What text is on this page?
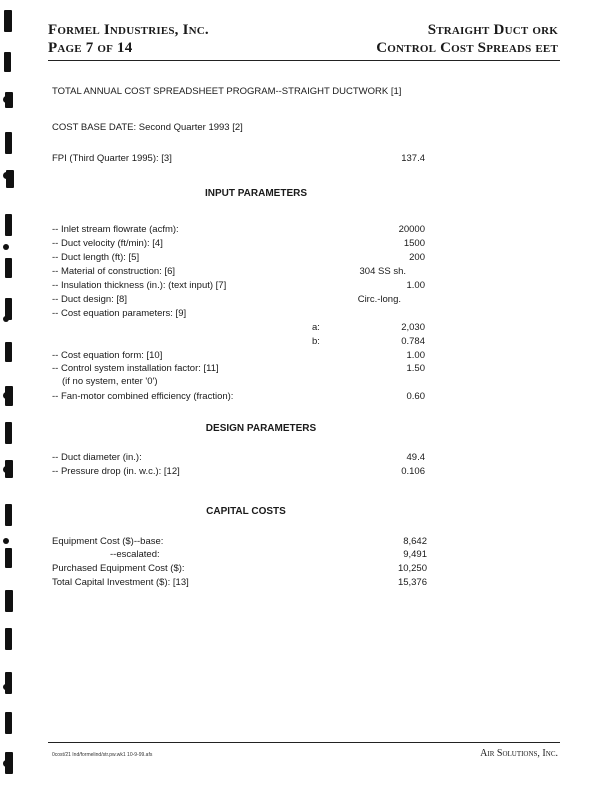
Formel Industries, Inc.
Page 7 of 14
Straight Duct ork
Control Cost Spreads eet
TOTAL ANNUAL COST SPREADSHEET PROGRAM--STRAIGHT DUCTWORK [1]
COST BASE DATE: Second Quarter 1993 [2]
FPI (Third Quarter 1995): [3]	137.4
INPUT PARAMETERS
-- Inlet stream flowrate (acfm):	20000
-- Duct velocity (ft/min): [4]	1500
-- Duct length (ft): [5]	200
-- Material of construction: [6]	304 SS sh.
-- Insulation thickness (in.): (text input) [7]	1.00
-- Duct design: [8]	Circ.-long.
-- Cost equation parameters: [9]
a:	2,030
b:	0.784
-- Cost equation form: [10]	1.00
-- Control system installation factor: [11]	1.50
(if no system, enter '0')
-- Fan-motor combined efficiency (fraction):	0.60
DESIGN PARAMETERS
-- Duct diameter (in.):	49.4
-- Pressure drop (in. w.c.): [12]	0.106
CAPITAL COSTS
Equipment Cost ($)--base:	8,642
--escalated:	9,491
Purchased Equipment Cost ($):	10,250
Total Capital Investment ($): [13]	15,376
0cost/21 Ind/formelind/str.pw.wk1 10-9-99.afs	Air Solutions, Inc.
